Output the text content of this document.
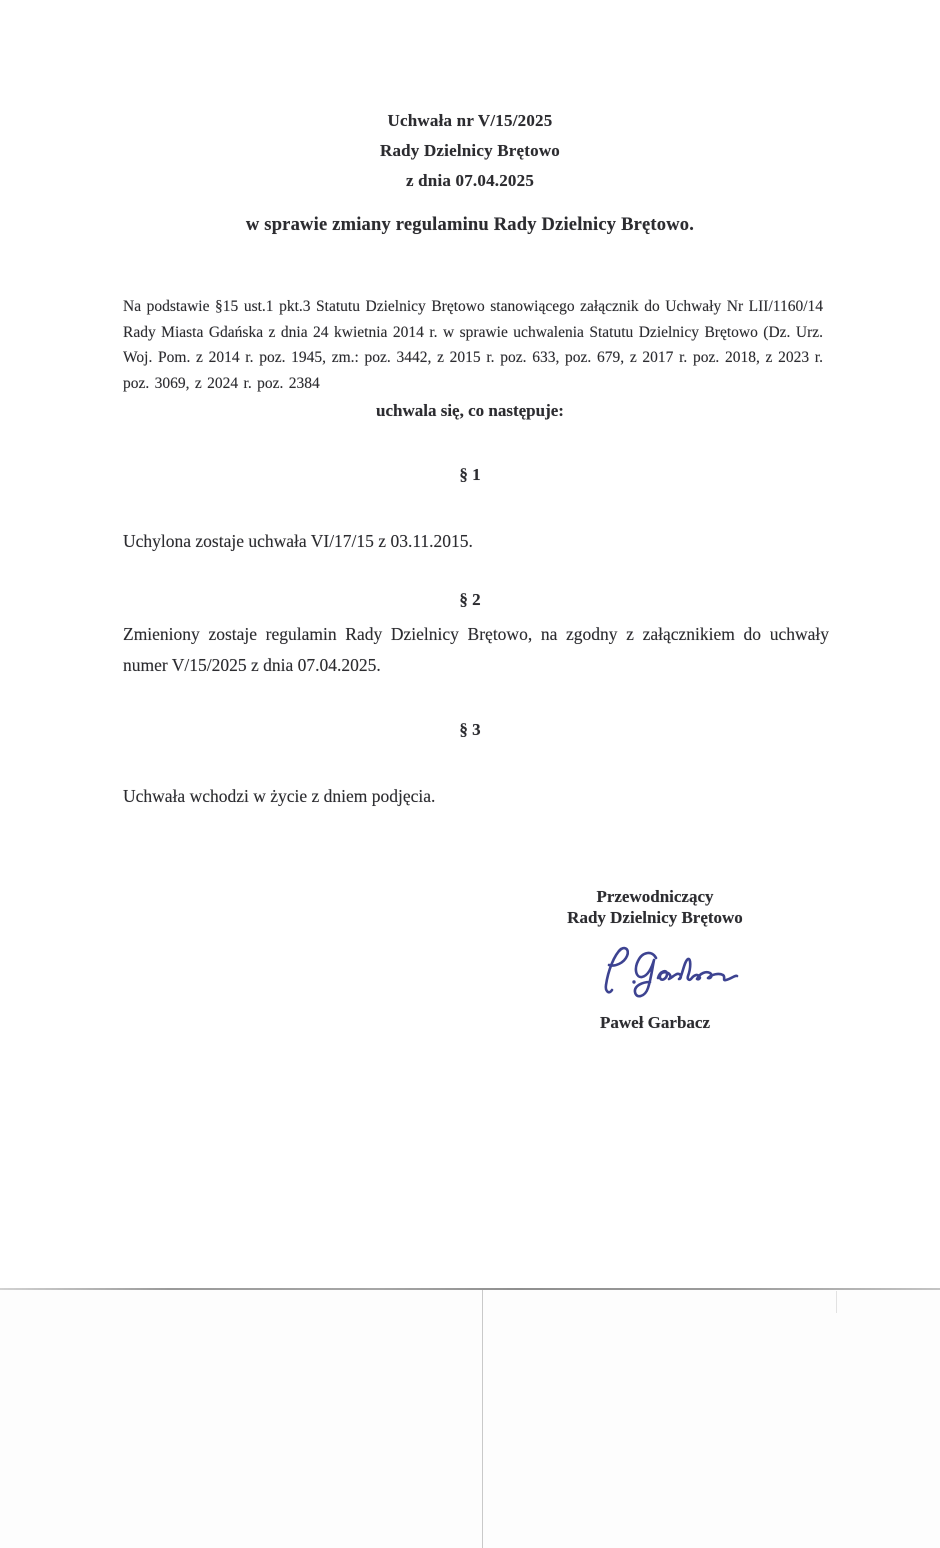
Uchwała nr V/15/2025
Rady Dzielnicy Brętowo
z dnia 07.04.2025
w sprawie zmiany regulaminu Rady Dzielnicy Brętowo.
Na podstawie §15 ust.1 pkt.3 Statutu Dzielnicy Brętowo stanowiącego załącznik do Uchwały Nr LII/1160/14 Rady Miasta Gdańska z dnia 24 kwietnia 2014 r. w sprawie uchwalenia Statutu Dzielnicy Brętowo (Dz. Urz. Woj. Pom. z 2014 r. poz. 1945, zm.: poz. 3442, z 2015 r. poz. 633, poz. 679, z 2017 r. poz. 2018, z 2023 r. poz. 3069, z 2024 r. poz. 2384
uchwala się, co następuje:
§ 1
Uchylona zostaje uchwała VI/17/15 z 03.11.2015.
§ 2
Zmieniony zostaje regulamin Rady Dzielnicy Brętowo, na zgodny z załącznikiem do uchwały numer V/15/2025 z dnia 07.04.2025.
§ 3
Uchwała wchodzi w życie z dniem podjęcia.
Przewodniczący
Rady Dzielnicy Brętowo
Paweł Garbacz
